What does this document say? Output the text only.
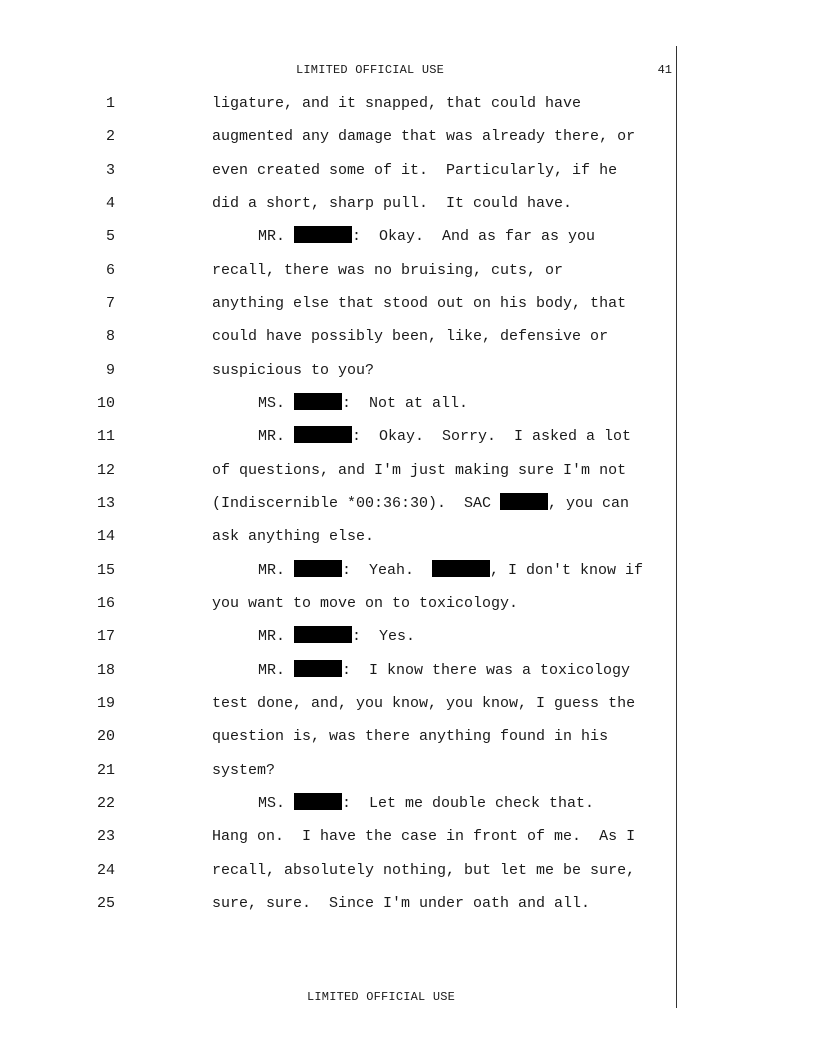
LIMITED OFFICIAL USE	41
1	ligature, and it snapped, that could have
2	augmented any damage that was already there, or
3	even created some of it.  Particularly, if he
4	did a short, sharp pull.  It could have.
5	MR.	:  Okay.  And as far as you
6	recall, there was no bruising, cuts, or
7	anything else that stood out on his body, that
8	could have possibly been, like, defensive or
9	suspicious to you?
10	MS.	:  Not at all.
11	MR.	:  Okay.  Sorry.  I asked a lot
12	of questions, and I'm just making sure I'm not
13	(Indiscernible *00:36:30).  SAC	, you can
14	ask anything else.
15	MR.	:  Yeah.	, I don't know if
16	you want to move on to toxicology.
17	MR.	:  Yes.
18	MR.	:  I know there was a toxicology
19	test done, and, you know, you know, I guess the
20	question is, was there anything found in his
21	system?
22	MS.	:  Let me double check that.
23	Hang on.  I have the case in front of me.  As I
24	recall, absolutely nothing, but let me be sure,
25	sure, sure.  Since I'm under oath and all.
LIMITED OFFICIAL USE
